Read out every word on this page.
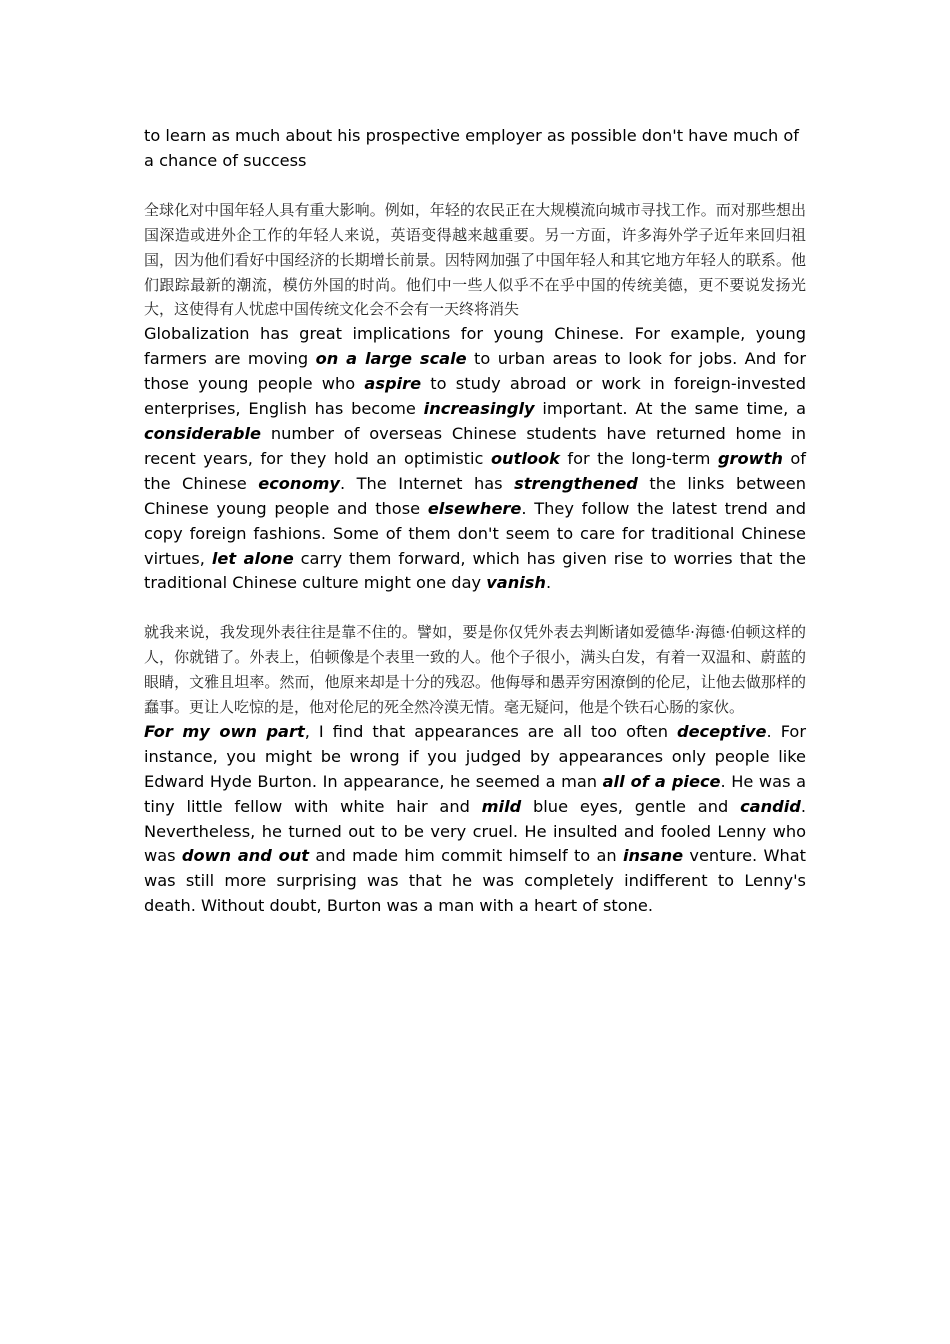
to learn as much about his prospective employer as possible don't have much of a chance of success

全球化对中国年轻人具有重大影响。例如，年轻的农民正在大规模流向城市寻找工作。而对那些想出国深造或进外企工作的年轻人来说，英语变得越来越重要。另一方面，许多海外学子近年来回归祖国，因为他们看好中国经济的长期增长前景。因特网加强了中国年轻人和其它地方年轻人的联系。他们跟踪最新的潮流，模仿外国的时尚。他们中一些人似乎不在乎中国的传统美德，更不要说发扬光大，这使得有人忧虑中国传统文化会不会有一天终将消失

Globalization has great implications for young Chinese. For example, young farmers are moving on a large scale to urban areas to look for jobs. And for those young people who aspire to study abroad or work in foreign-invested enterprises, English has become increasingly important. At the same time, a considerable number of overseas Chinese students have returned home in recent years, for they hold an optimistic outlook for the long-term growth of the Chinese economy. The Internet has strengthened the links between Chinese young people and those elsewhere. They follow the latest trend and copy foreign fashions. Some of them don't seem to care for traditional Chinese virtues, let alone carry them forward, which has given rise to worries that the traditional Chinese culture might one day vanish.

就我来说，我发现外表往往是靠不住的。譬如，要是你仅凭外表去判断诸如爱德华·海德·伯顿这样的人，你就错了。外表上，伯顿像是个表里一致的人。他个子很小，满头白发，有着一双温和、蔚蓝的眼睛，文雅且坦率。然而，他原来却是十分的残忍。他侮辱和愚弄穷困潦倒的伦尼，让他去做那样的蠢事。更让人吃惊的是，他对伦尼的死全然冷漠无情。毫无疑问，他是个铁石心肠的家伙。

For my own part, I find that appearances are all too often deceptive. For instance, you might be wrong if you judged by appearances only people like Edward Hyde Burton. In appearance, he seemed a man all of a piece. He was a tiny little fellow with white hair and mild blue eyes, gentle and candid. Nevertheless, he turned out to be very cruel. He insulted and fooled Lenny who was down and out and made him commit himself to an insane venture. What was still more surprising was that he was completely indifferent to Lenny's death. Without doubt, Burton was a man with a heart of stone.
